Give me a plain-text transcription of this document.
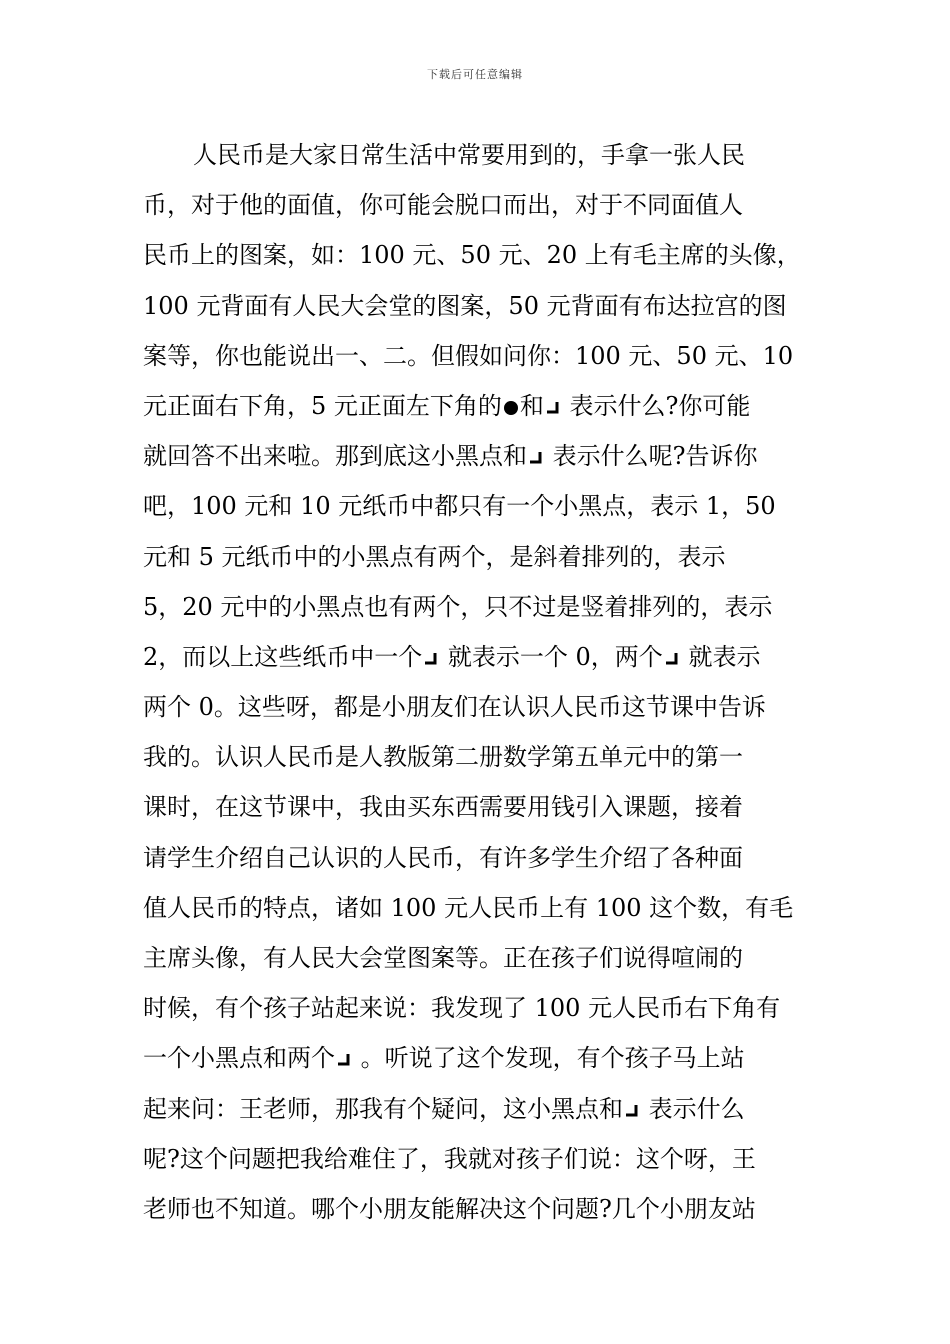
下载后可任意编辑
人民币是大家日常生活中常要用到的，手拿一张人民
币，对于他的面值，你可能会脱口而出，对于不同面值人
民币上的图案，如：100 元、50 元、20 上有毛主席的头像，
100 元背面有人民大会堂的图案，50 元背面有布达拉宫的图
案等，你也能说出一、二。但假如问你：100 元、50 元、10
元正面右下角，5 元正面左下角的 和
表示什么?你可能
就回答不出来啦。那到底这小黑点和
表示什么呢?告诉你
吧，100 元和 10 元纸币中都只有一个小黑点，表示 1，50
元和 5 元纸币中的小黑点有两个，是斜着排列的，表示
5，20 元中的小黑点也有两个，只不过是竖着排列的，表示
2，而以上这些纸币中一个
就表示一个 0，两个
就表示
两个 0。这些呀，都是小朋友们在认识人民币这节课中告诉
我的。认识人民币是人教版第二册数学第五单元中的第一
课时，在这节课中，我由买东西需要用钱引入课题，接着
请学生介绍自己认识的人民币，有许多学生介绍了各种面
值人民币的特点，诸如 100 元人民币上有 100 这个数，有毛
主席头像，有人民大会堂图案等。正在孩子们说得喧闹的
时候，有个孩子站起来说：我发现了 100 元人民币右下角有
一个小黑点和两个
。听说了这个发现，有个孩子马上站
起来问：王老师，那我有个疑问，这小黑点和
表示什么
呢?这个问题把我给难住了，我就对孩子们说：这个呀，王
老师也不知道。哪个小朋友能解决这个问题?几个小朋友站
